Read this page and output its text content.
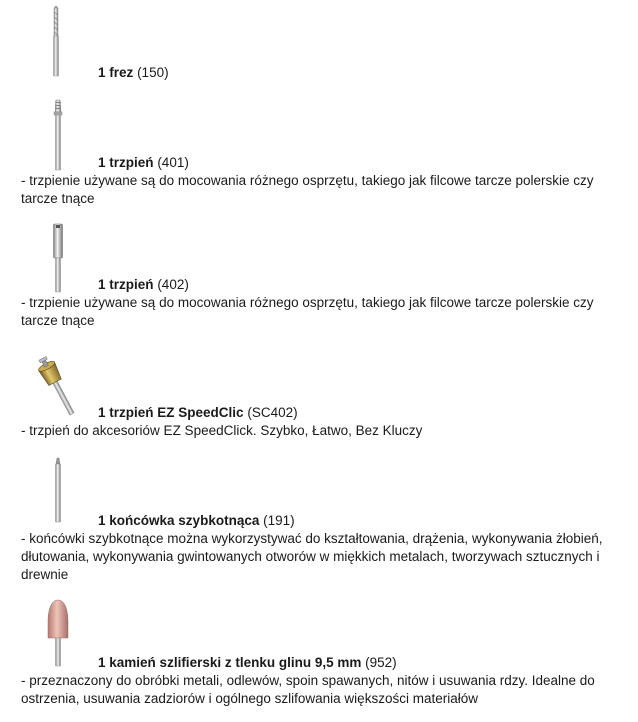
1 frez (150)

1 trzpień (401)

- trzpienie używane są do mocowania różnego osprzętu, takiego jak filcowe tarcze polerskie czy tarcze tnące

1 trzpień (402)

- trzpienie używane są do mocowania różnego osprzętu, takiego jak filcowe tarcze polerskie czy tarcze tnące

1 trzpień EZ SpeedClic (SC402)

- trzpień do akcesoriów EZ SpeedClick. Szybko, Łatwo, Bez Kluczy

1 końcówka szybkotnąca (191)

- końcówki szybkotnące można wykorzystywać do kształtowania, drążenia, wykonywania żłobień, dłutowania, wykonywania gwintowanych otworów w miękkich metalach, tworzywach sztucznych i drewnie

1 kamień szlifierski z tlenku glinu 9,5 mm (952)

- przeznaczony do obróbki metali, odlewów, spoin spawanych, nitów i usuwania rdzy. Idealne do ostrzenia, usuwania zadziorów i ogólnego szlifowania większości materiałów
